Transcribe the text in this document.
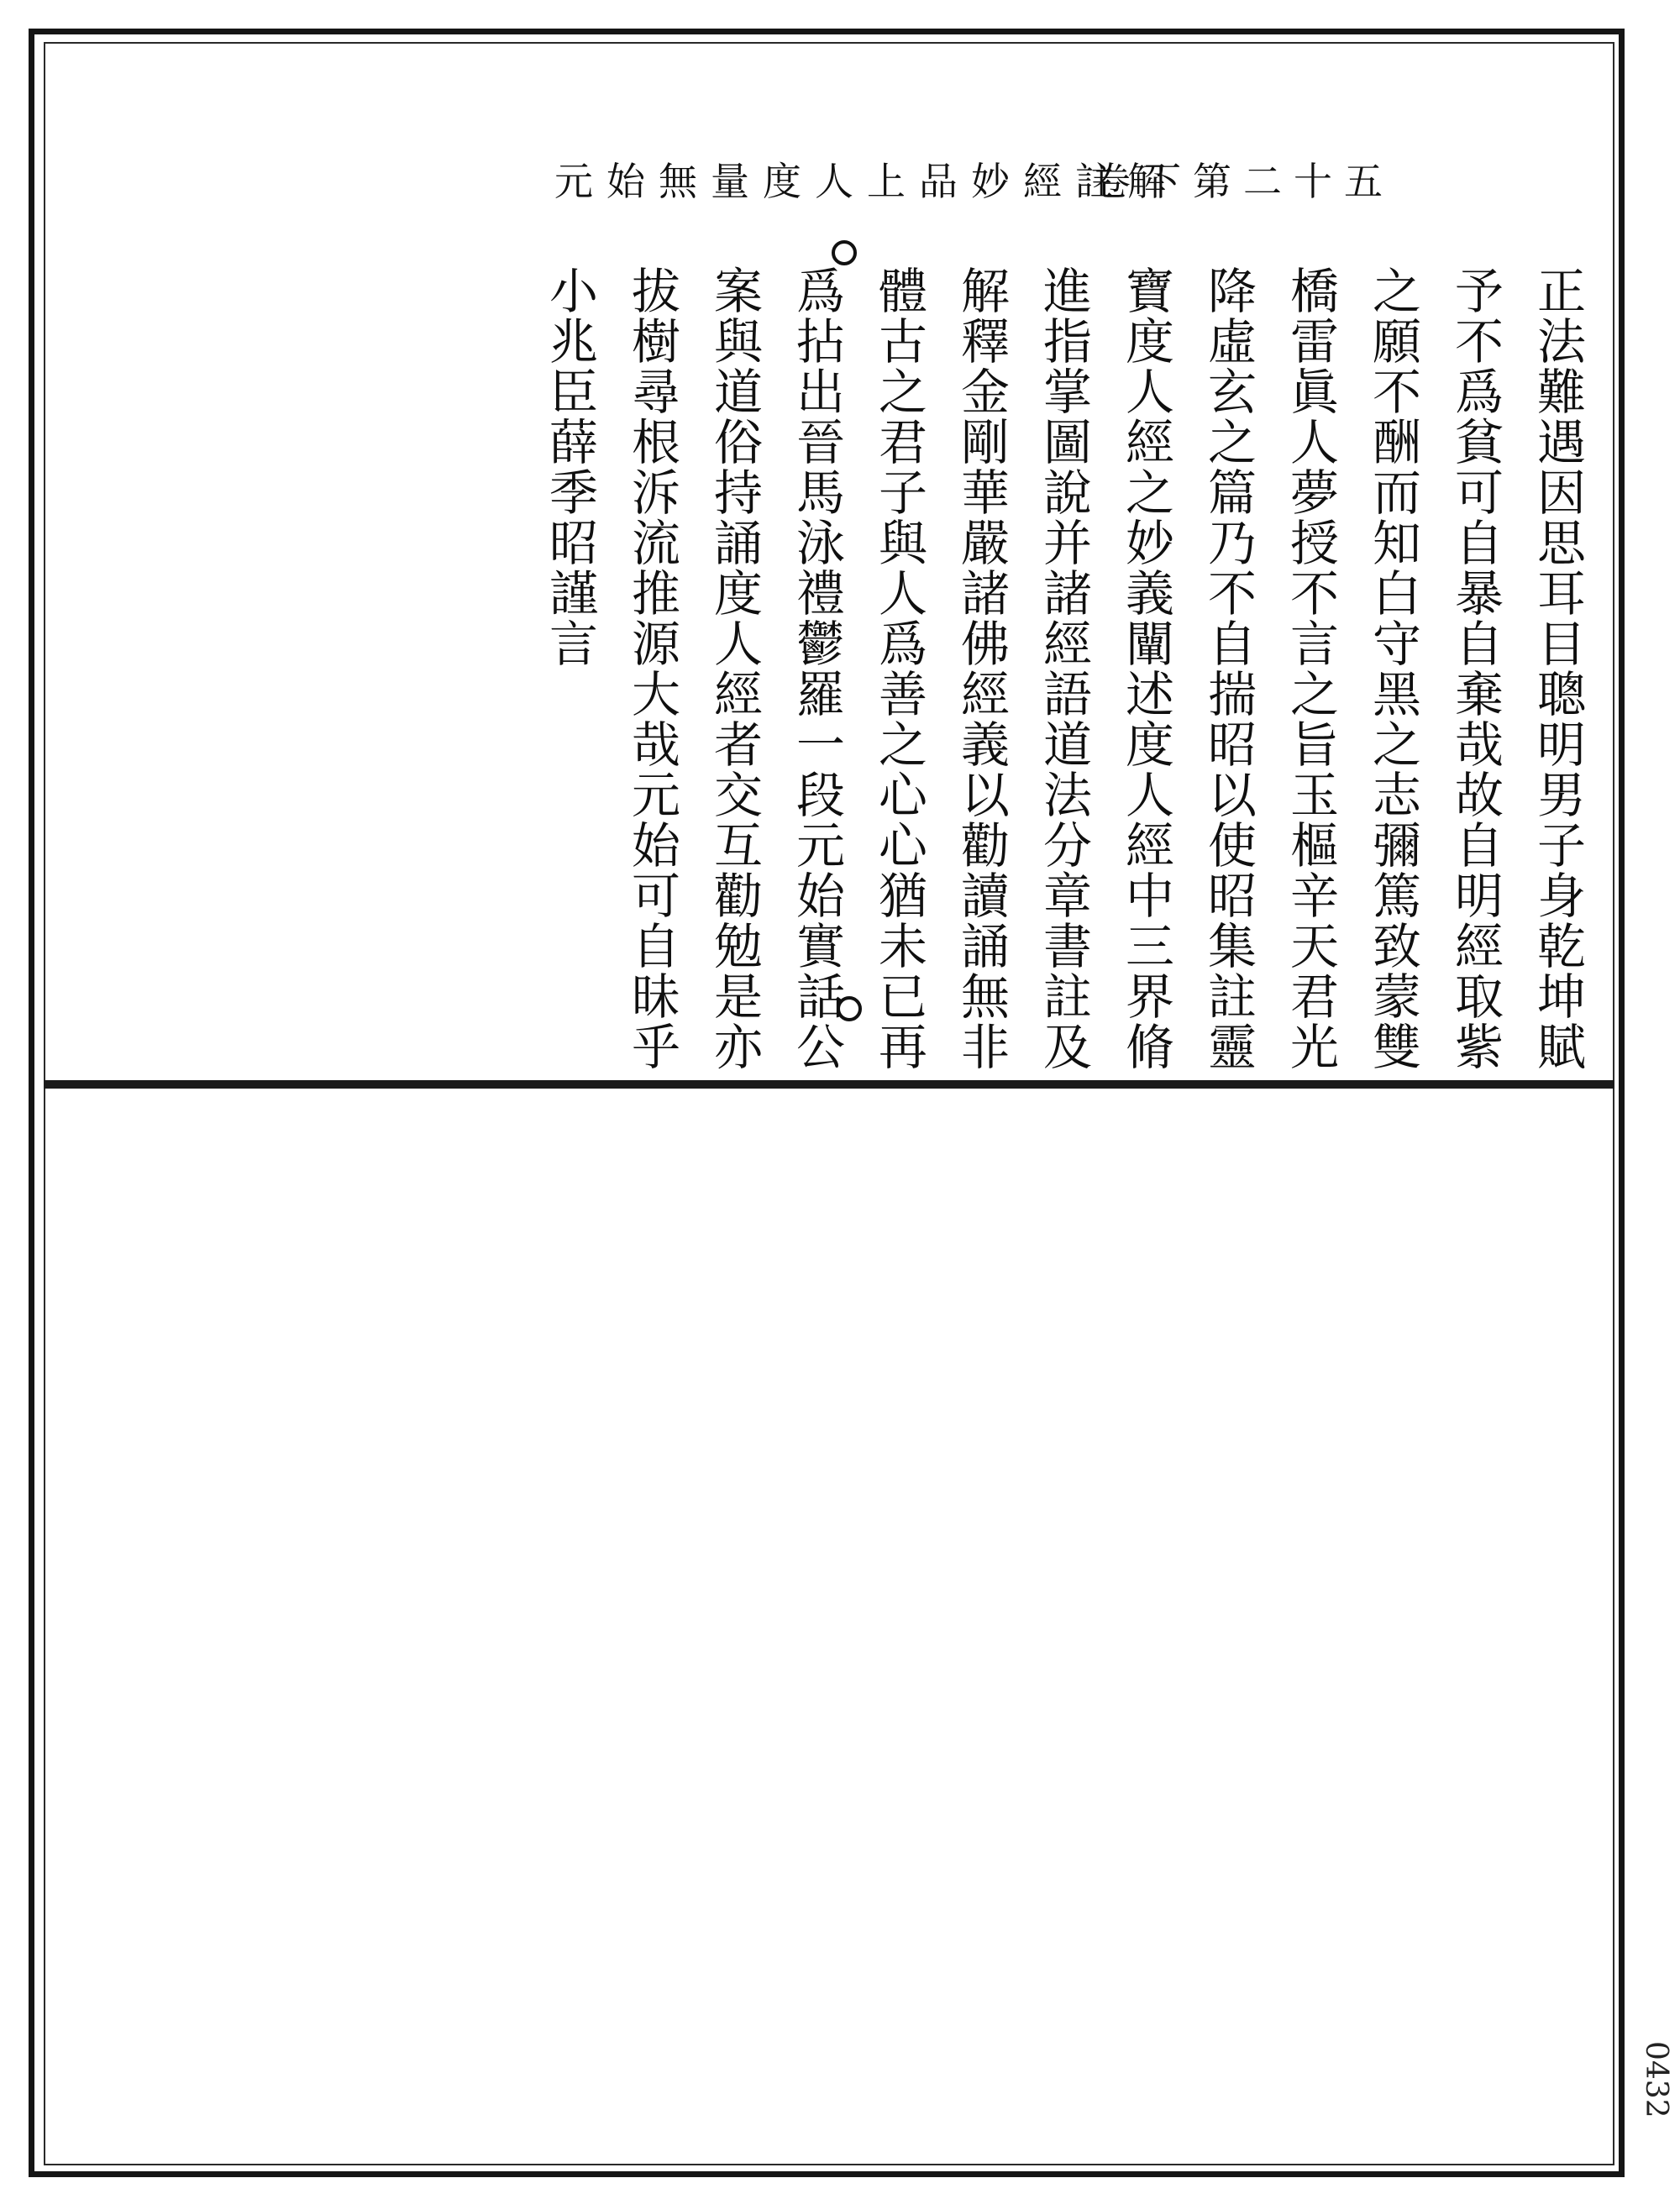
元始無量度人上品妙經註解
卷下第二十五
正法難遇因思耳目聰明男子身乾坤賦
予不爲貧可自暴自棄哉故自明經取紫
之願不酬而知白守黑之志彌篤致蒙雙
橋雷眞人夢授不言之旨玉樞辛天君光
降虛玄之篇乃不自揣昭以使昭集註靈
寶度人經之妙義闡述度人經中三界脩
進指掌圖說并諸經語道法分章書註及
解釋金剛華嚴諸佛經義以勸讀誦無非
體古之君子與人爲善之心心猶未已再
爲拈出晉馬泳禮鬱羅一段元始實話公
案與道俗持誦度人經者交互勸勉是亦
拔樹尋根泝流推源大哉元始可自昧乎
小兆臣薛季昭謹言
0432
